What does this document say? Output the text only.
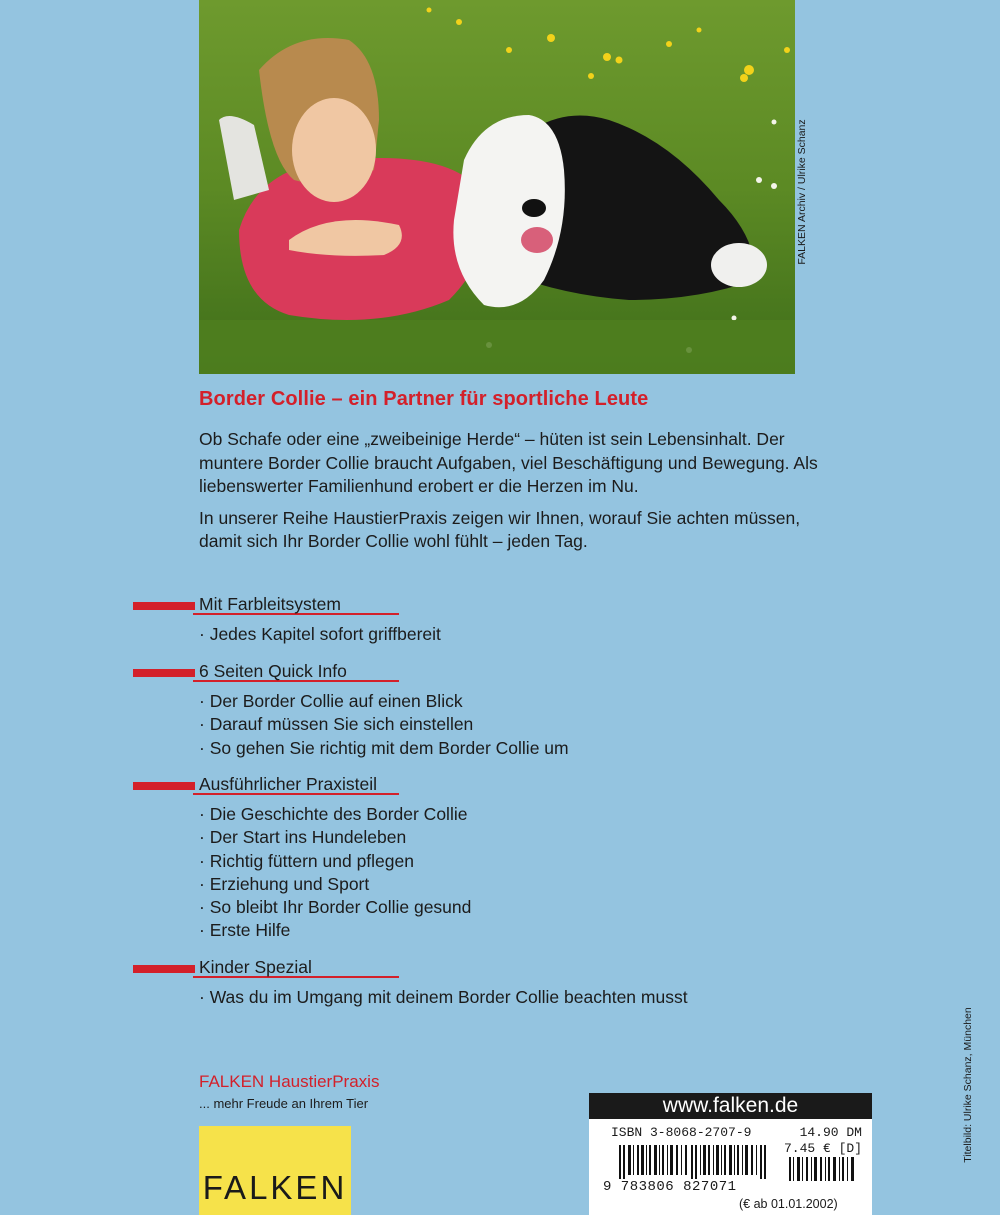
FALKEN Archiv / Ulrike Schanz
Border Collie – ein Partner für sportliche Leute

Ob Schafe oder eine „zweibeinige Herde“ – hüten ist sein Lebensinhalt. Der muntere Border Collie braucht Aufgaben, viel Beschäftigung und Bewegung. Als liebenswerter Familienhund erobert er die Herzen im Nu.

In unserer Reihe HaustierPraxis zeigen wir Ihnen, worauf Sie achten müssen, damit sich Ihr Border Collie wohl fühlt – jeden Tag.

Mit Farbleitsystem
· Jedes Kapitel sofort griffbereit
6 Seiten Quick Info
· Der Border Collie auf einen Blick
· Darauf müssen Sie sich einstellen
· So gehen Sie richtig mit dem Border Collie um
Ausführlicher Praxisteil
· Die Geschichte des Border Collie
· Der Start ins Hundeleben
· Richtig füttern und pflegen
· Erziehung und Sport
· So bleibt Ihr Border Collie gesund
· Erste Hilfe
Kinder Spezial
· Was du im Umgang mit deinem Border Collie beachten musst
FALKEN HaustierPraxis
... mehr Freude an Ihrem Tier
FALKEN
www.falken.de
ISBN 3-8068-2707-9	14.90 DM
7.45 € [D]
9 783806 827071
(€ ab 01.01.2002)
Titelbild: Ulrike Schanz, München
